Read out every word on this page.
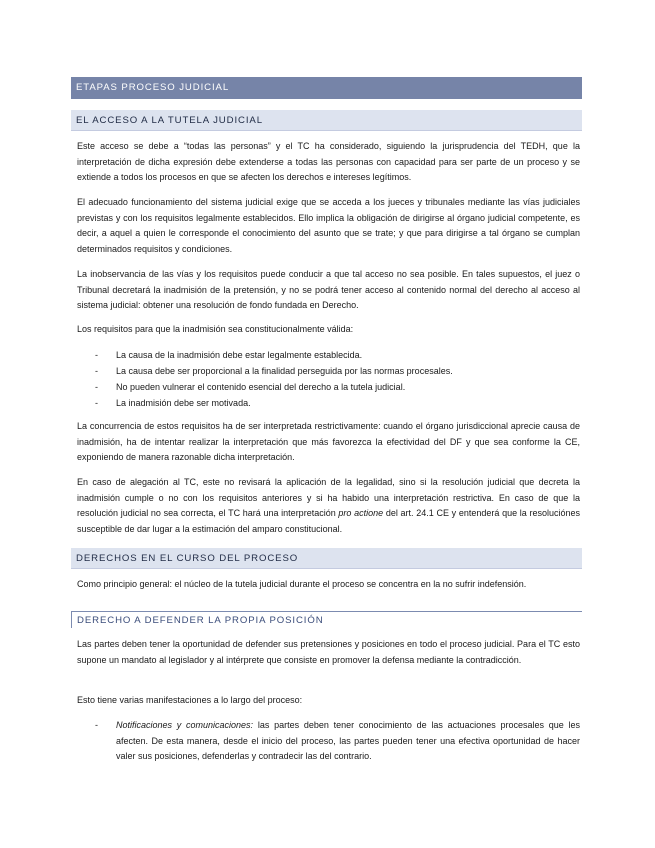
ETAPAS PROCESO JUDICIAL
EL ACCESO A LA TUTELA JUDICIAL

Este acceso se debe a “todas las personas” y el TC ha considerado, siguiendo la jurisprudencia del TEDH, que la interpretación de dicha expresión debe extenderse a todas las personas con capacidad para ser parte de un proceso y se extiende a todos los procesos en que se afecten los derechos e intereses legítimos.

El adecuado funcionamiento del sistema judicial exige que se acceda a los jueces y tribunales mediante las vías judiciales previstas y con los requisitos legalmente establecidos. Ello implica la obligación de dirigirse al órgano judicial competente, es decir, a aquel a quien le corresponde el conocimiento del asunto que se trate; y que para dirigirse a tal órgano se cumplan determinados requisitos y condiciones.

La inobservancia de las vías y los requisitos puede conducir a que tal acceso no sea posible. En tales supuestos, el juez o Tribunal decretará la inadmisión de la pretensión, y no se podrá tener acceso al contenido normal del derecho al acceso al sistema judicial: obtener una resolución de fondo fundada en Derecho.

Los requisitos para que la inadmisión sea constitucionalmente válida:

- La causa de la inadmisión debe estar legalmente establecida.
- La causa debe ser proporcional a la finalidad perseguida por las normas procesales.
- No pueden vulnerar el contenido esencial del derecho a la tutela judicial.
- La inadmisión debe ser motivada.

La concurrencia de estos requisitos ha de ser interpretada restrictivamente: cuando el órgano jurisdiccional aprecie causa de inadmisión, ha de intentar realizar la interpretación que más favorezca la efectividad del DF y que sea conforme la CE, exponiendo de manera razonable dicha interpretación.

En caso de alegación al TC, este no revisará la aplicación de la legalidad, sino si la resolución judicial que decreta la inadmisión cumple o no con los requisitos anteriores y si ha habido una interpretación restrictiva. En caso de que la resolución judicial no sea correcta, el TC hará una interpretación pro actione del art. 24.1 CE y entenderá que la resoluciónes susceptible de dar lugar a la estimación del amparo constitucional.

DERECHOS EN EL CURSO DEL PROCESO

Como principio general: el núcleo de la tutela judicial durante el proceso se concentra en la no sufrir indefensión.

DERECHO A DEFENDER LA PROPIA POSICIÓN

Las partes deben tener la oportunidad de defender sus pretensiones y posiciones en todo el proceso judicial. Para el TC esto supone un mandato al legislador y al intérprete que consiste en promover la defensa mediante la contradicción.

Esto tiene varias manifestaciones a lo largo del proceso:

- Notificaciones y comunicaciones: las partes deben tener conocimiento de las actuaciones procesales que les afecten. De esta manera, desde el inicio del proceso, las partes pueden tener una efectiva oportunidad de hacer valer sus posiciones, defenderlas y contradecir las del contrario.
